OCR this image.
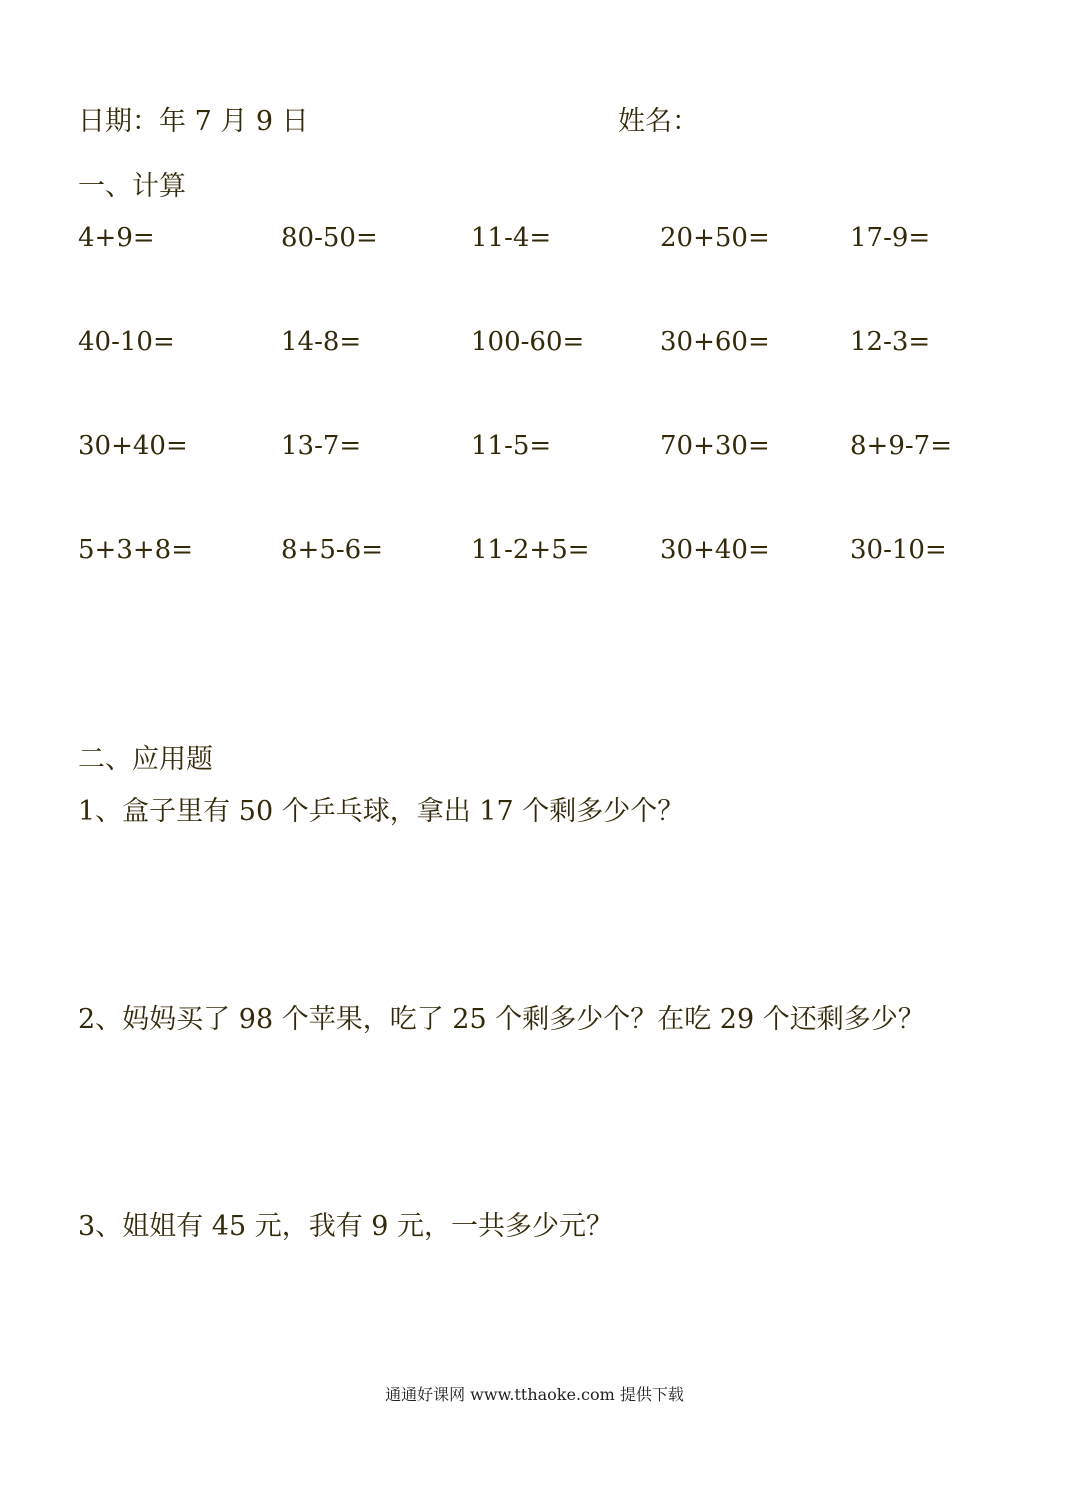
日期：年 7 月 9 日	姓名：
一、计算
4+9=	80-50=	11-4=	20+50=	17-9=
40-10=	14-8=	100-60=	30+60=	12-3=
30+40=	13-7=	11-5=	70+30=	8+9-7=
5+3+8=	8+5-6=	11-2+5=	30+40=	30-10=
二、应用题
1、盒子里有 50 个乒乓球，拿出 17 个剩多少个？
2、妈妈买了 98 个苹果，吃了 25 个剩多少个？在吃 29 个还剩多少？
3、姐姐有 45 元，我有 9 元，一共多少元？
通通好课网 www.tthaoke.com 提供下载
